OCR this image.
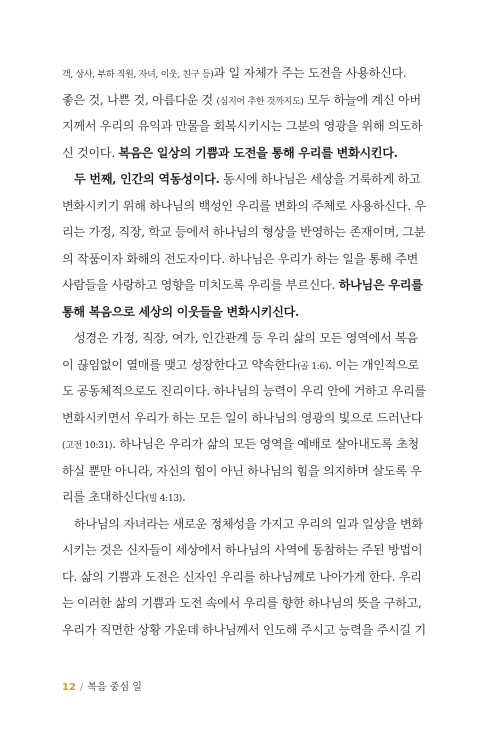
객, 상사, 부하 직원, 자녀, 이웃, 친구 등)과 일 자체가 주는 도전을 사용하신다.
좋은 것, 나쁜 것, 아름다운 것 (심지어 추한 것까지도) 모두 하늘에 계신 아버
지께서 우리의 유익과 만물을 회복시키시는 그분의 영광을 위해 의도하
신 것이다. 복음은 일상의 기쁨과 도전을 통해 우리를 변화시킨다.
두 번째, 인간의 역동성이다. 동시에 하나님은 세상을 거룩하게 하고
변화시키기 위해 하나님의 백성인 우리를 변화의 주체로 사용하신다. 우
리는 가정, 직장, 학교 등에서 하나님의 형상을 반영하는 존재이며, 그분
의 작품이자 화해의 전도자이다. 하나님은 우리가 하는 일을 통해 주변
사람들을 사랑하고 영향을 미치도록 우리를 부르신다. 하나님은 우리를
통해 복음으로 세상의 이웃들을 변화시키신다.
성경은 가정, 직장, 여가, 인간관계 등 우리 삶의 모든 영역에서 복음
이 끊임없이 열매를 맺고 성장한다고 약속한다(골 1:6). 이는 개인적으로
도 공동체적으로도 진리이다. 하나님의 능력이 우리 안에 거하고 우리를
변화시키면서 우리가 하는 모든 일이 하나님의 영광의 빛으로 드러난다
(고전 10:31). 하나님은 우리가 삶의 모든 영역을 예배로 살아내도록 초청
하실 뿐만 아니라, 자신의 힘이 아닌 하나님의 힘을 의지하며 살도록 우
리를 초대하신다(빌 4:13).
하나님의 자녀라는 새로운 정체성을 가지고 우리의 일과 일상을 변화
시키는 것은 신자들이 세상에서 하나님의 사역에 동참하는 주된 방법이
다. 삶의 기쁨과 도전은 신자인 우리를 하나님께로 나아가게 한다. 우리
는 이러한 삶의 기쁨과 도전 속에서 우리를 향한 하나님의 뜻을 구하고,
우리가 직면한 상황 가운데 하나님께서 인도해 주시고 능력을 주시길 기
12 / 복음 중심 일
